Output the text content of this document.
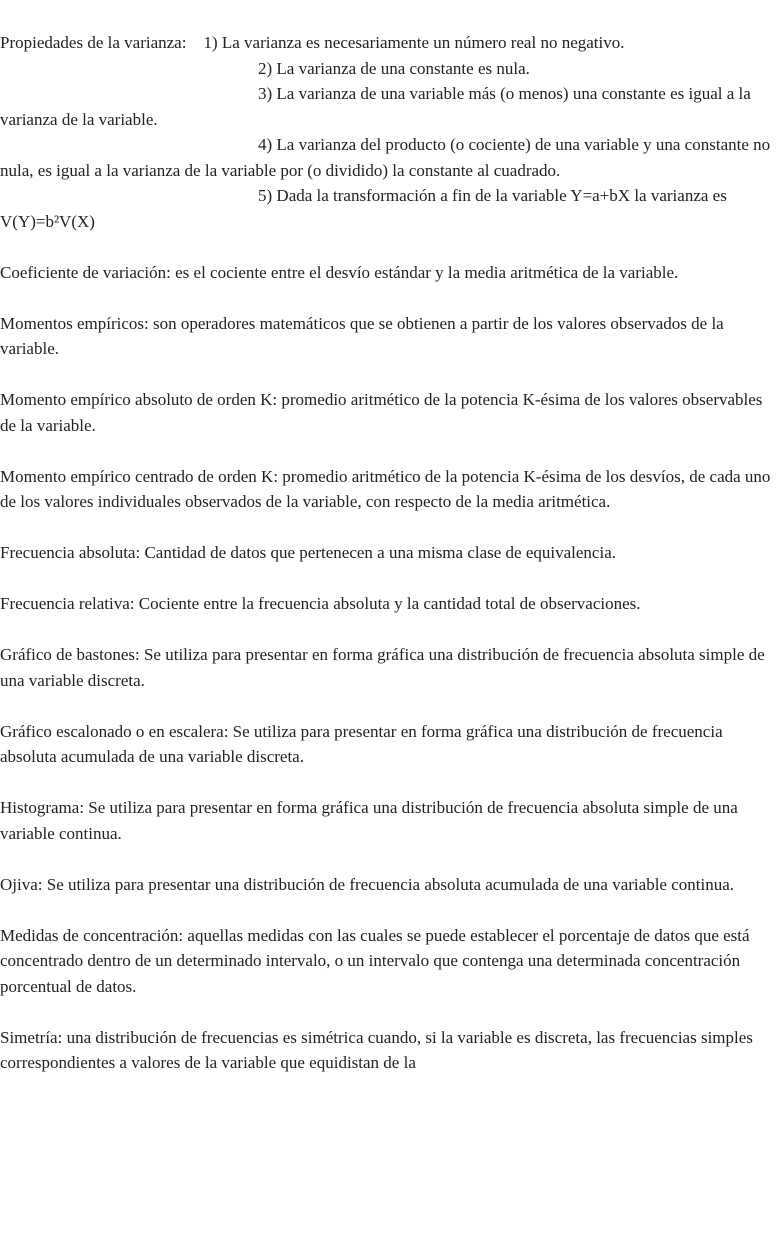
Propiedades de la varianza: 1) La varianza es necesariamente un número real no negativo.

2) La varianza de una constante es nula.

3) La varianza de una variable más (o menos) una constante es igual a la varianza de la variable.

4) La varianza del producto (o cociente) de una variable y una constante no nula, es igual a la varianza de la variable por (o dividido) la constante al cuadrado.

5) Dada la transformación a fin de la variable Y=a+bX la varianza es V(Y)=b²V(X)

Coeficiente de variación: es el cociente entre el desvío estándar y la media aritmética de la variable.

Momentos empíricos: son operadores matemáticos que se obtienen a partir de los valores observados de la variable.

Momento empírico absoluto de orden K: promedio aritmético de la potencia K-ésima de los valores observables de la variable.

Momento empírico centrado de orden K: promedio aritmético de la potencia K-ésima de los desvíos, de cada uno de los valores individuales observados de la variable, con respecto de la media aritmética.

Frecuencia absoluta: Cantidad de datos que pertenecen a una misma clase de equivalencia.

Frecuencia relativa: Cociente entre la frecuencia absoluta y la cantidad total de observaciones.

Gráfico de bastones: Se utiliza para presentar en forma gráfica una distribución de frecuencia absoluta simple de una variable discreta.

Gráfico escalonado o en escalera: Se utiliza para presentar en forma gráfica una distribución de frecuencia absoluta acumulada de una variable discreta.

Histograma: Se utiliza para presentar en forma gráfica una distribución de frecuencia absoluta simple de una variable continua.

Ojiva: Se utiliza para presentar una distribución de frecuencia absoluta acumulada de una variable continua.

Medidas de concentración: aquellas medidas con las cuales se puede establecer el porcentaje de datos que está concentrado dentro de un determinado intervalo, o un intervalo que contenga una determinada concentración porcentual de datos.

Simetría: una distribución de frecuencias es simétrica cuando, si la variable es discreta, las frecuencias simples correspondientes a valores de la variable que equidistan de la
